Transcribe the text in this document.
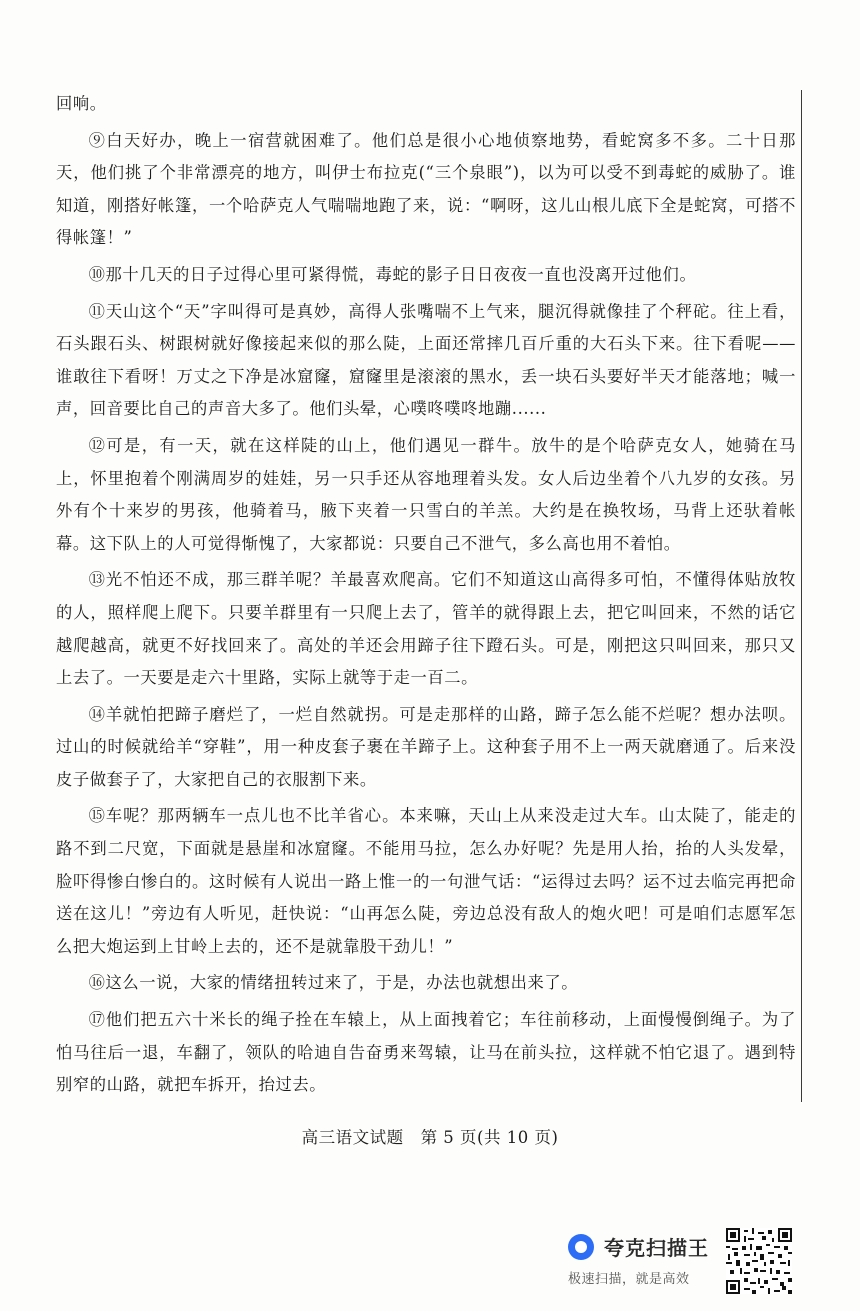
回响。

⑨白天好办，晚上一宿营就困难了。他们总是很小心地侦察地势，看蛇窝多不多。二十日那天，他们挑了个非常漂亮的地方，叫伊士布拉克(“三个泉眼”)，以为可以受不到毒蛇的威胁了。谁知道，刚搭好帐篷，一个哈萨克人气喘喘地跑了来，说：“啊呀，这儿山根儿底下全是蛇窝，可搭不得帐篷！”

⑩那十几天的日子过得心里可紧得慌，毒蛇的影子日日夜夜一直也没离开过他们。

⑪天山这个“天”字叫得可是真妙，高得人张嘴喘不上气来，腿沉得就像挂了个秤砣。往上看，石头跟石头、树跟树就好像接起来似的那么陡，上面还常摔几百斤重的大石头下来。往下看呢——谁敢往下看呀！万丈之下净是冰窟窿，窟窿里是滚滚的黑水，丢一块石头要好半天才能落地；喊一声，回音要比自己的声音大多了。他们头晕，心噗咚噗咚地蹦......

⑫可是，有一天，就在这样陡的山上，他们遇见一群牛。放牛的是个哈萨克女人，她骑在马上，怀里抱着个刚满周岁的娃娃，另一只手还从容地理着头发。女人后边坐着个八九岁的女孩。另外有个十来岁的男孩，他骑着马，腋下夹着一只雪白的羊羔。大约是在换牧场，马背上还驮着帐幕。这下队上的人可觉得惭愧了，大家都说：只要自己不泄气，多么高也用不着怕。

⑬光不怕还不成，那三群羊呢？羊最喜欢爬高。它们不知道这山高得多可怕，不懂得体贴放牧的人，照样爬上爬下。只要羊群里有一只爬上去了，管羊的就得跟上去，把它叫回来，不然的话它越爬越高，就更不好找回来了。高处的羊还会用蹄子往下蹬石头。可是，刚把这只叫回来，那只又上去了。一天要是走六十里路，实际上就等于走一百二。

⑭羊就怕把蹄子磨烂了，一烂自然就拐。可是走那样的山路，蹄子怎么能不烂呢？想办法呗。过山的时候就给羊“穿鞋”，用一种皮套子裹在羊蹄子上。这种套子用不上一两天就磨通了。后来没皮子做套子了，大家把自己的衣服割下来。

⑮车呢？那两辆车一点儿也不比羊省心。本来嘛，天山上从来没走过大车。山太陡了，能走的路不到二尺宽，下面就是悬崖和冰窟窿。不能用马拉，怎么办好呢？先是用人抬，抬的人头发晕，脸吓得惨白惨白的。这时候有人说出一路上惟一的一句泄气话：“运得过去吗？运不过去临完再把命送在这儿！”旁边有人听见，赶快说：“山再怎么陡，旁边总没有敌人的炮火吧！可是咱们志愿军怎么把大炮运到上甘岭上去的，还不是就靠股干劲儿！”

⑯这么一说，大家的情绪扭转过来了，于是，办法也就想出来了。

⑰他们把五六十米长的绳子拴在车辕上，从上面拽着它；车往前移动，上面慢慢倒绳子。为了怕马往后一退，车翻了，领队的哈迪自告奋勇来驾辕，让马在前头拉，这样就不怕它退了。遇到特别窄的山路，就把车拆开，抬过去。

高三语文试题　第 5 页(共 10 页)
夸克扫描王
极速扫描，就是高效
